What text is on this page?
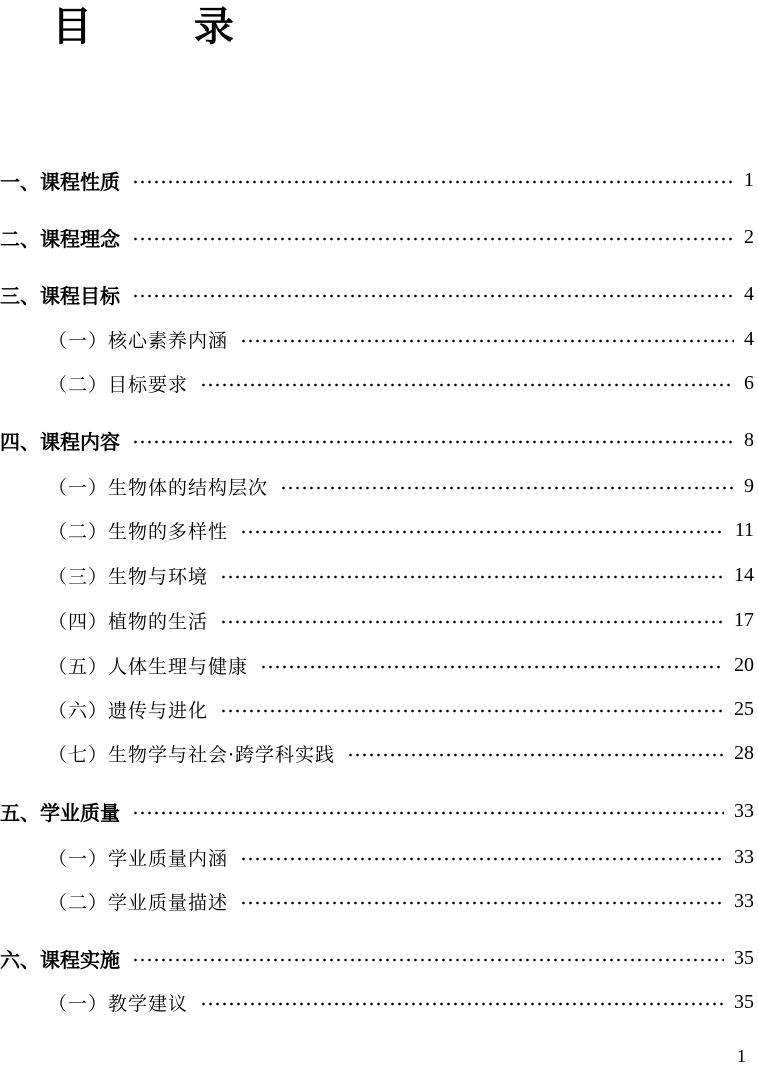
目 录
一、课程性质	1
二、课程理念	2
三、课程目标	4
（一）核心素养内涵	4
（二）目标要求	6
四、课程内容	8
（一）生物体的结构层次	9
（二）生物的多样性	11
（三）生物与环境	14
（四）植物的生活	17
（五）人体生理与健康	20
（六）遗传与进化	25
（七）生物学与社会·跨学科实践	28
五、学业质量	33
（一）学业质量内涵	33
（二）学业质量描述	33
六、课程实施	35
（一）教学建议	35
1
